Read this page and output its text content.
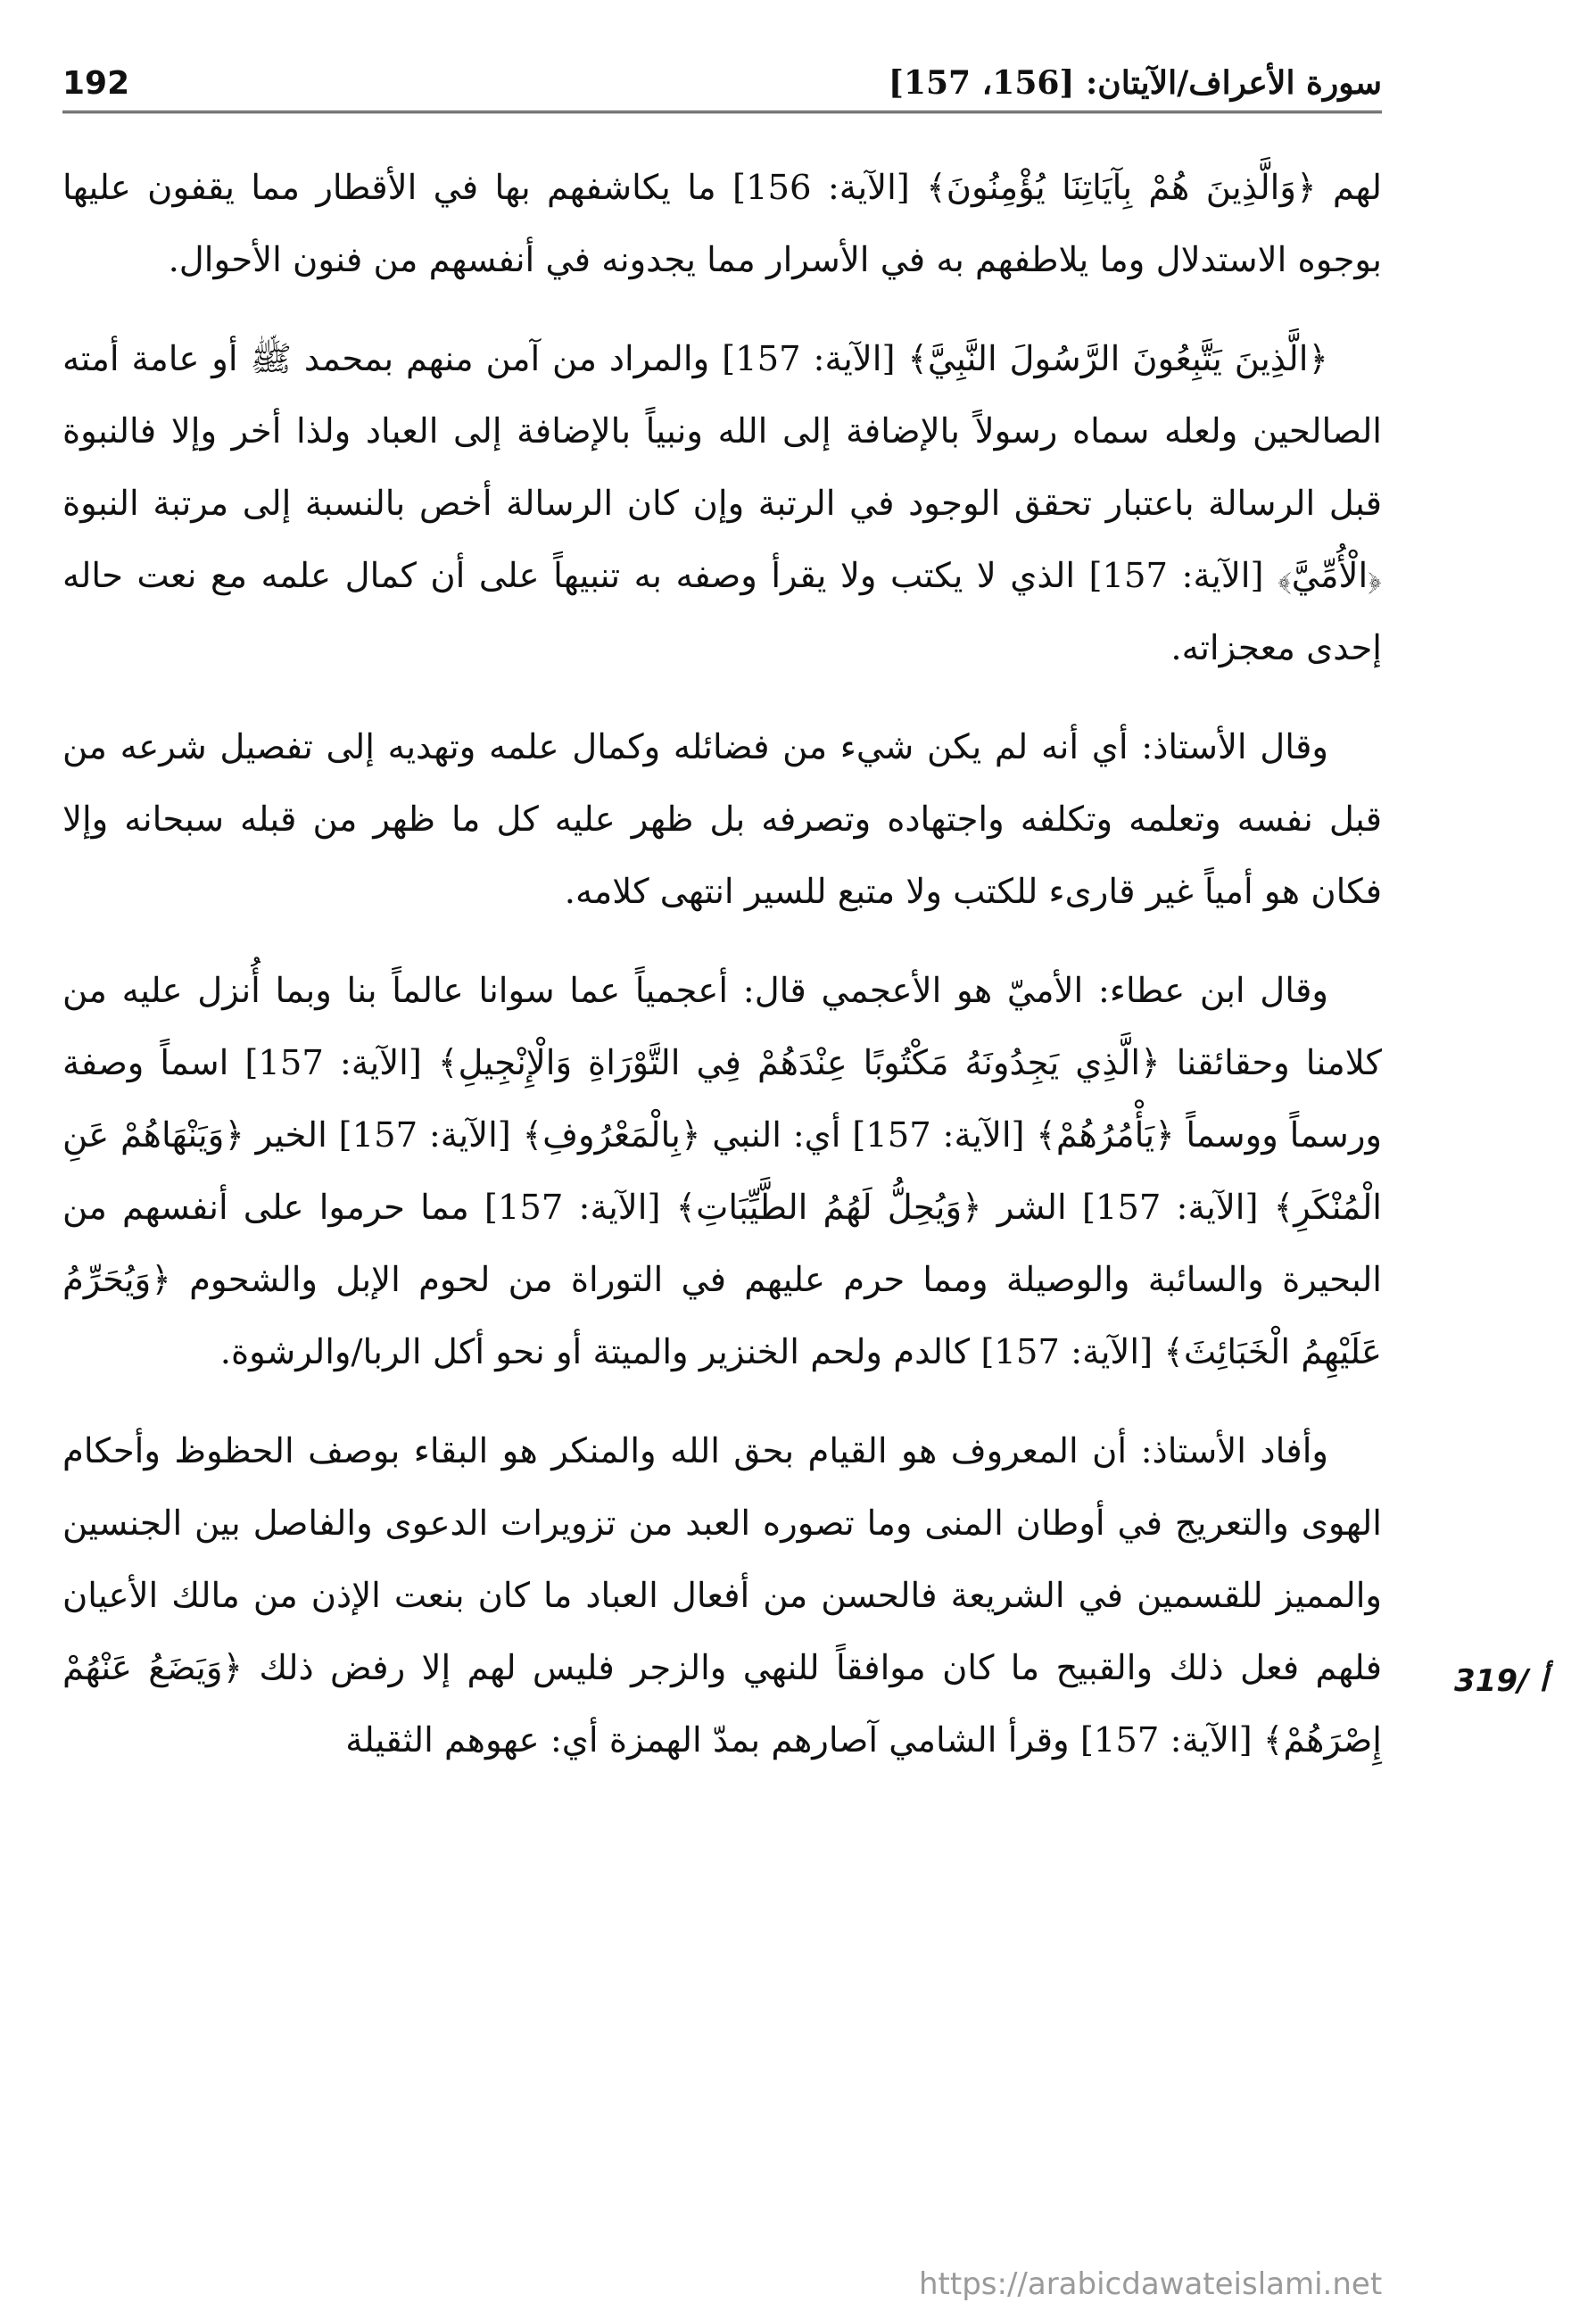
سورة الأعراف/الآيتان: [156، 157]
192

لهم ﴿وَالَّذِينَ هُمْ بِآيَاتِنَا يُؤْمِنُونَ﴾ [الآية: 156] ما يكاشفهم بها في الأقطار مما يقفون عليها بوجوه الاستدلال وما يلاطفهم به في الأسرار مما يجدونه في أنفسهم من فنون الأحوال.

﴿الَّذِينَ يَتَّبِعُونَ الرَّسُولَ النَّبِيَّ﴾ [الآية: 157] والمراد من آمن منهم بمحمد ﷺ أو عامة أمته الصالحين ولعله سماه رسولاً بالإضافة إلى الله ونبياً بالإضافة إلى العباد ولذا أخر وإلا فالنبوة قبل الرسالة باعتبار تحقق الوجود في الرتبة وإن كان الرسالة أخص بالنسبة إلى مرتبة النبوة ﴿الْأُمِّيَّ﴾ [الآية: 157] الذي لا يكتب ولا يقرأ وصفه به تنبيهاً على أن كمال علمه مع نعت حاله إحدى معجزاته.

وقال الأستاذ: أي أنه لم يكن شيء من فضائله وكمال علمه وتهديه إلى تفصيل شرعه من قبل نفسه وتعلمه وتكلفه واجتهاده وتصرفه بل ظهر عليه كل ما ظهر من قبله سبحانه وإلا فكان هو أمياً غير قارىء للكتب ولا متبع للسير انتهى كلامه.

وقال ابن عطاء: الأميّ هو الأعجمي قال: أعجمياً عما سوانا عالماً بنا وبما أُنزل عليه من كلامنا وحقائقنا ﴿الَّذِي يَجِدُونَهُ مَكْتُوبًا عِنْدَهُمْ فِي التَّوْرَاةِ وَالْإِنْجِيلِ﴾ [الآية: 157] اسماً وصفة ورسماً ووسماً ﴿يَأْمُرُهُمْ﴾ [الآية: 157] أي: النبي ﴿بِالْمَعْرُوفِ﴾ [الآية: 157] الخير ﴿وَيَنْهَاهُمْ عَنِ الْمُنْكَرِ﴾ [الآية: 157] الشر ﴿وَيُحِلُّ لَهُمُ الطَّيِّبَاتِ﴾ [الآية: 157] مما حرموا على أنفسهم من البحيرة والسائبة والوصيلة ومما حرم عليهم في التوراة من لحوم الإبل والشحوم ﴿وَيُحَرِّمُ عَلَيْهِمُ الْخَبَائِثَ﴾ [الآية: 157] كالدم ولحم الخنزير والميتة أو نحو أكل الربا/والرشوة.

وأفاد الأستاذ: أن المعروف هو القيام بحق الله والمنكر هو البقاء بوصف الحظوظ وأحكام الهوى والتعريج في أوطان المنى وما تصوره العبد من تزويرات الدعوى والفاصل بين الجنسين والمميز للقسمين في الشريعة فالحسن من أفعال العباد ما كان بنعت الإذن من مالك الأعيان فلهم فعل ذلك والقبيح ما كان موافقاً للنهي والزجر فليس لهم إلا رفض ذلك ﴿وَيَضَعُ عَنْهُمْ إِصْرَهُمْ﴾ [الآية: 157] وقرأ الشامي آصارهم بمدّ الهمزة أي: عهوهم الثقيلة

319/ أ
https://arabicdawateislami.net
